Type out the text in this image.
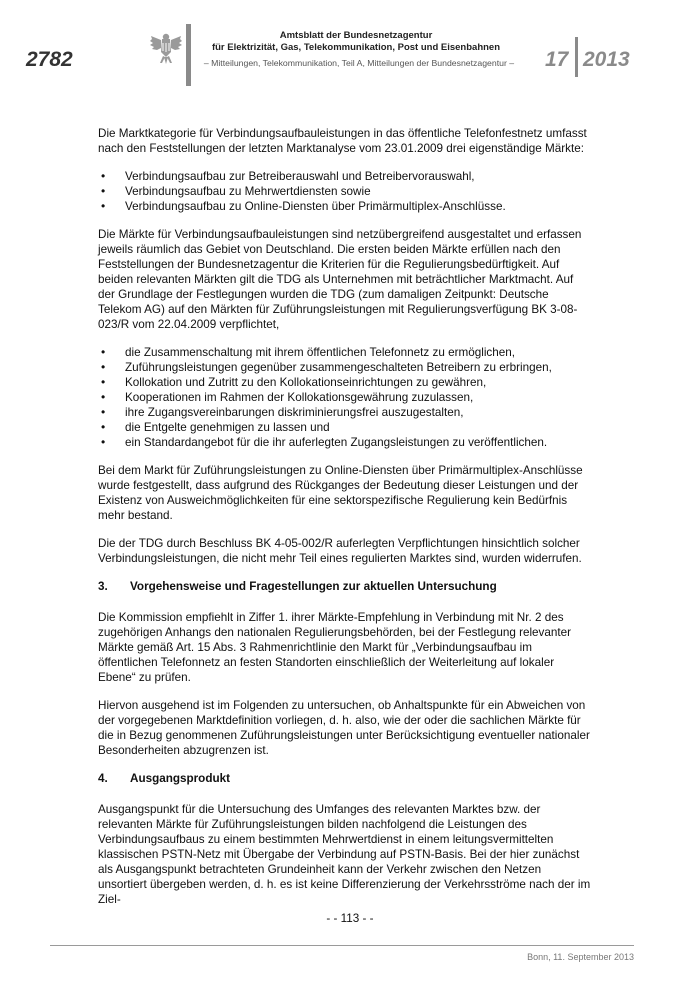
2782
Amtsblatt der Bundesnetzagentur
für Elektrizität, Gas, Telekommunikation, Post und Eisenbahnen
– Mitteilungen, Telekommunikation, Teil A, Mitteilungen der Bundesnetzagentur –	17 2013

Die Marktkategorie für Verbindungsaufbauleistungen in das öffentliche Telefonfestnetz umfasst nach den Feststellungen der letzten Marktanalyse vom 23.01.2009 drei eigenständige Märkte:

• Verbindungsaufbau zur Betreiberauswahl und Betreibervorauswahl,
• Verbindungsaufbau zu Mehrwertdiensten sowie
• Verbindungsaufbau zu Online-Diensten über Primärmultiplex-Anschlüsse.

Die Märkte für Verbindungsaufbauleistungen sind netzübergreifend ausgestaltet und erfassen jeweils räumlich das Gebiet von Deutschland. Die ersten beiden Märkte erfüllen nach den Feststellungen der Bundesnetzagentur die Kriterien für die Regulierungsbedürftigkeit. Auf beiden relevanten Märkten gilt die TDG als Unternehmen mit beträchtlicher Marktmacht. Auf der Grundlage der Festlegungen wurden die TDG (zum damaligen Zeitpunkt: Deutsche Telekom AG) auf den Märkten für Zuführungsleistungen mit Regulierungsverfügung BK 3-08-023/R vom 22.04.2009 verpflichtet,

• die Zusammenschaltung mit ihrem öffentlichen Telefonnetz zu ermöglichen,
• Zuführungsleistungen gegenüber zusammengeschalteten Betreibern zu erbringen,
• Kollokation und Zutritt zu den Kollokationseinrichtungen zu gewähren,
• Kooperationen im Rahmen der Kollokationsgewährung zuzulassen,
• ihre Zugangsvereinbarungen diskriminierungsfrei auszugestalten,
• die Entgelte genehmigen zu lassen und
• ein Standardangebot für die ihr auferlegten Zugangsleistungen zu veröffentlichen.

Bei dem Markt für Zuführungsleistungen zu Online-Diensten über Primärmultiplex-Anschlüsse wurde festgestellt, dass aufgrund des Rückganges der Bedeutung dieser Leistungen und der Existenz von Ausweichmöglichkeiten für eine sektorspezifische Regulierung kein Bedürfnis mehr bestand.

Die der TDG durch Beschluss BK 4-05-002/R auferlegten Verpflichtungen hinsichtlich solcher Verbindungsleistungen, die nicht mehr Teil eines regulierten Marktes sind, wurden widerrufen.

3.	Vorgehensweise und Fragestellungen zur aktuellen Untersuchung

Die Kommission empfiehlt in Ziffer 1. ihrer Märkte-Empfehlung in Verbindung mit Nr. 2 des zugehörigen Anhangs den nationalen Regulierungsbehörden, bei der Festlegung relevanter Märkte gemäß Art. 15 Abs. 3 Rahmenrichtlinie den Markt für „Verbindungsaufbau im öffentlichen Telefonnetz an festen Standorten einschließlich der Weiterleitung auf lokaler Ebene“ zu prüfen.

Hiervon ausgehend ist im Folgenden zu untersuchen, ob Anhaltspunkte für ein Abweichen von der vorgegebenen Marktdefinition vorliegen, d. h. also, wie der oder die sachlichen Märkte für die in Bezug genommenen Zuführungsleistungen unter Berücksichtigung eventueller nationaler Besonderheiten abzugrenzen ist.

4.	Ausgangsprodukt

Ausgangspunkt für die Untersuchung des Umfanges des relevanten Marktes bzw. der relevanten Märkte für Zuführungsleistungen bilden nachfolgend die Leistungen des Verbindungsaufbaus zu einem bestimmten Mehrwertdienst in einem leitungsvermittelten klassischen PSTN-Netz mit Übergabe der Verbindung auf PSTN-Basis. Bei der hier zunächst als Ausgangspunkt betrachteten Grundeinheit kann der Verkehr zwischen den Netzen unsortiert übergeben werden, d. h. es ist keine Differenzierung der Verkehrsströme nach der im Ziel-

- - 113 - -
Bonn, 11. September 2013
